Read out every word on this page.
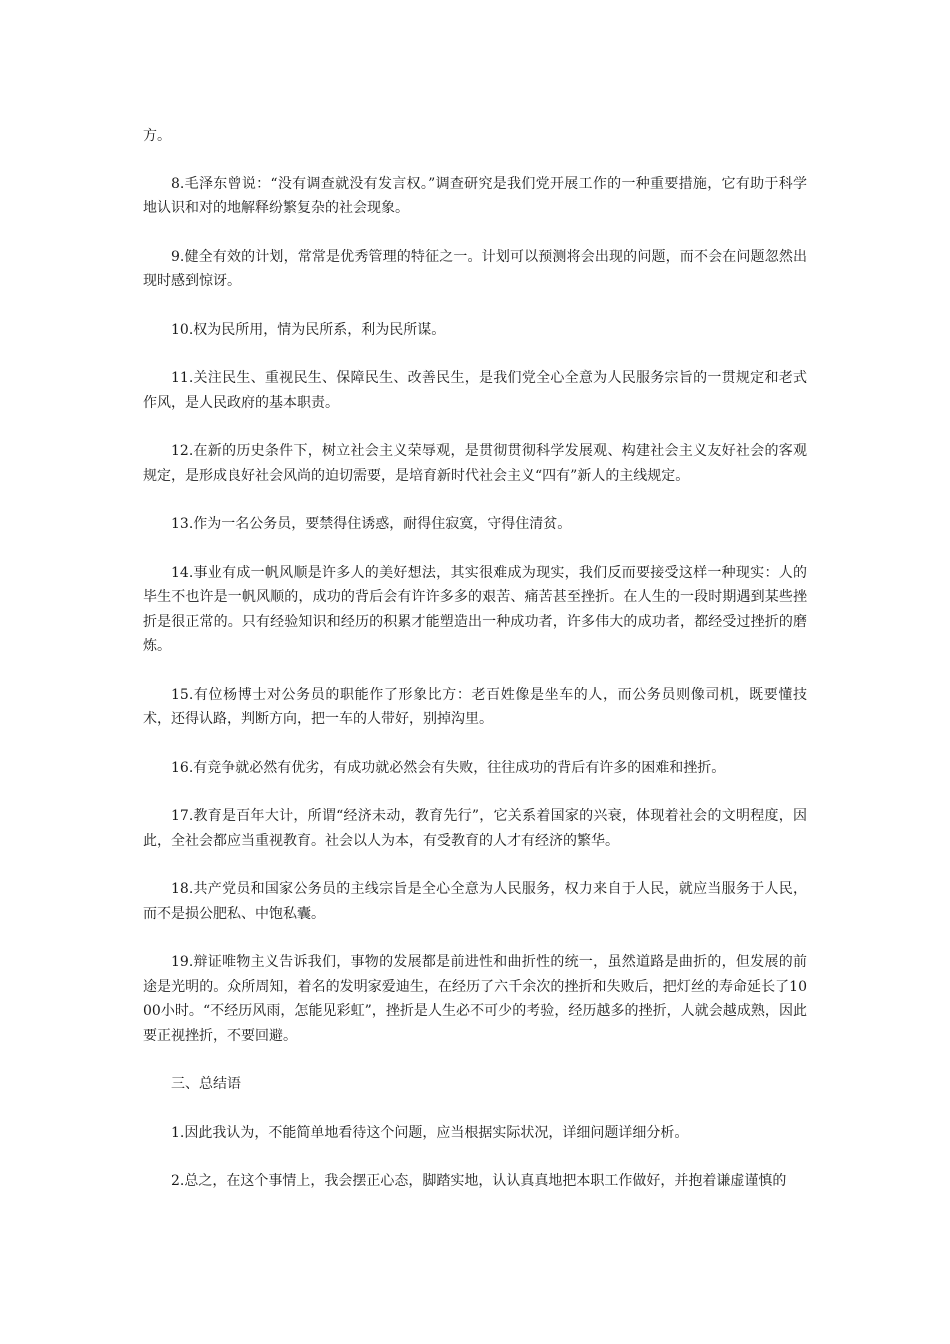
方。

8.毛泽东曾说：“没有调查就没有发言权。”调查研究是我们党开展工作的一种重要措施，它有助于科学地认识和对的地解释纷繁复杂的社会现象。

9.健全有效的计划，常常是优秀管理的特征之一。计划可以预测将会出现的问题，而不会在问题忽然出现时感到惊讶。

10.权为民所用，情为民所系，利为民所谋。

11.关注民生、重视民生、保障民生、改善民生，是我们党全心全意为人民服务宗旨的一贯规定和老式作风，是人民政府的基本职责。

12.在新的历史条件下，树立社会主义荣辱观，是贯彻贯彻科学发展观、构建社会主义友好社会的客观规定，是形成良好社会风尚的迫切需要，是培育新时代社会主义“四有”新人的主线规定。

13.作为一名公务员，要禁得住诱惑，耐得住寂寞，守得住清贫。

14.事业有成一帆风顺是许多人的美好想法，其实很难成为现实，我们反而要接受这样一种现实：人的毕生不也许是一帆风顺的，成功的背后会有许许多多的艰苦、痛苦甚至挫折。在人生的一段时期遇到某些挫折是很正常的。只有经验知识和经历的积累才能塑造出一种成功者，许多伟大的成功者，都经受过挫折的磨炼。

15.有位杨博士对公务员的职能作了形象比方：老百姓像是坐车的人，而公务员则像司机，既要懂技术，还得认路，判断方向，把一车的人带好，别掉沟里。

16.有竞争就必然有优劣，有成功就必然会有失败，往往成功的背后有许多的困难和挫折。

17.教育是百年大计，所谓“经济未动，教育先行”，它关系着国家的兴衰，体现着社会的文明程度，因此，全社会都应当重视教育。社会以人为本，有受教育的人才有经济的繁华。

18.共产党员和国家公务员的主线宗旨是全心全意为人民服务，权力来自于人民，就应当服务于人民，而不是损公肥私、中饱私囊。

19.辩证唯物主义告诉我们，事物的发展都是前进性和曲折性的统一，虽然道路是曲折的，但发展的前途是光明的。众所周知，着名的发明家爱迪生，在经历了六千余次的挫折和失败后，把灯丝的寿命延长了1000小时。“不经历风雨，怎能见彩虹”，挫折是人生必不可少的考验，经历越多的挫折，人就会越成熟，因此要正视挫折，不要回避。

三、总结语

1.因此我认为，不能简单地看待这个问题，应当根据实际状况，详细问题详细分析。

2.总之，在这个事情上，我会摆正心态，脚踏实地，认认真真地把本职工作做好，并抱着谦虚谨慎的
